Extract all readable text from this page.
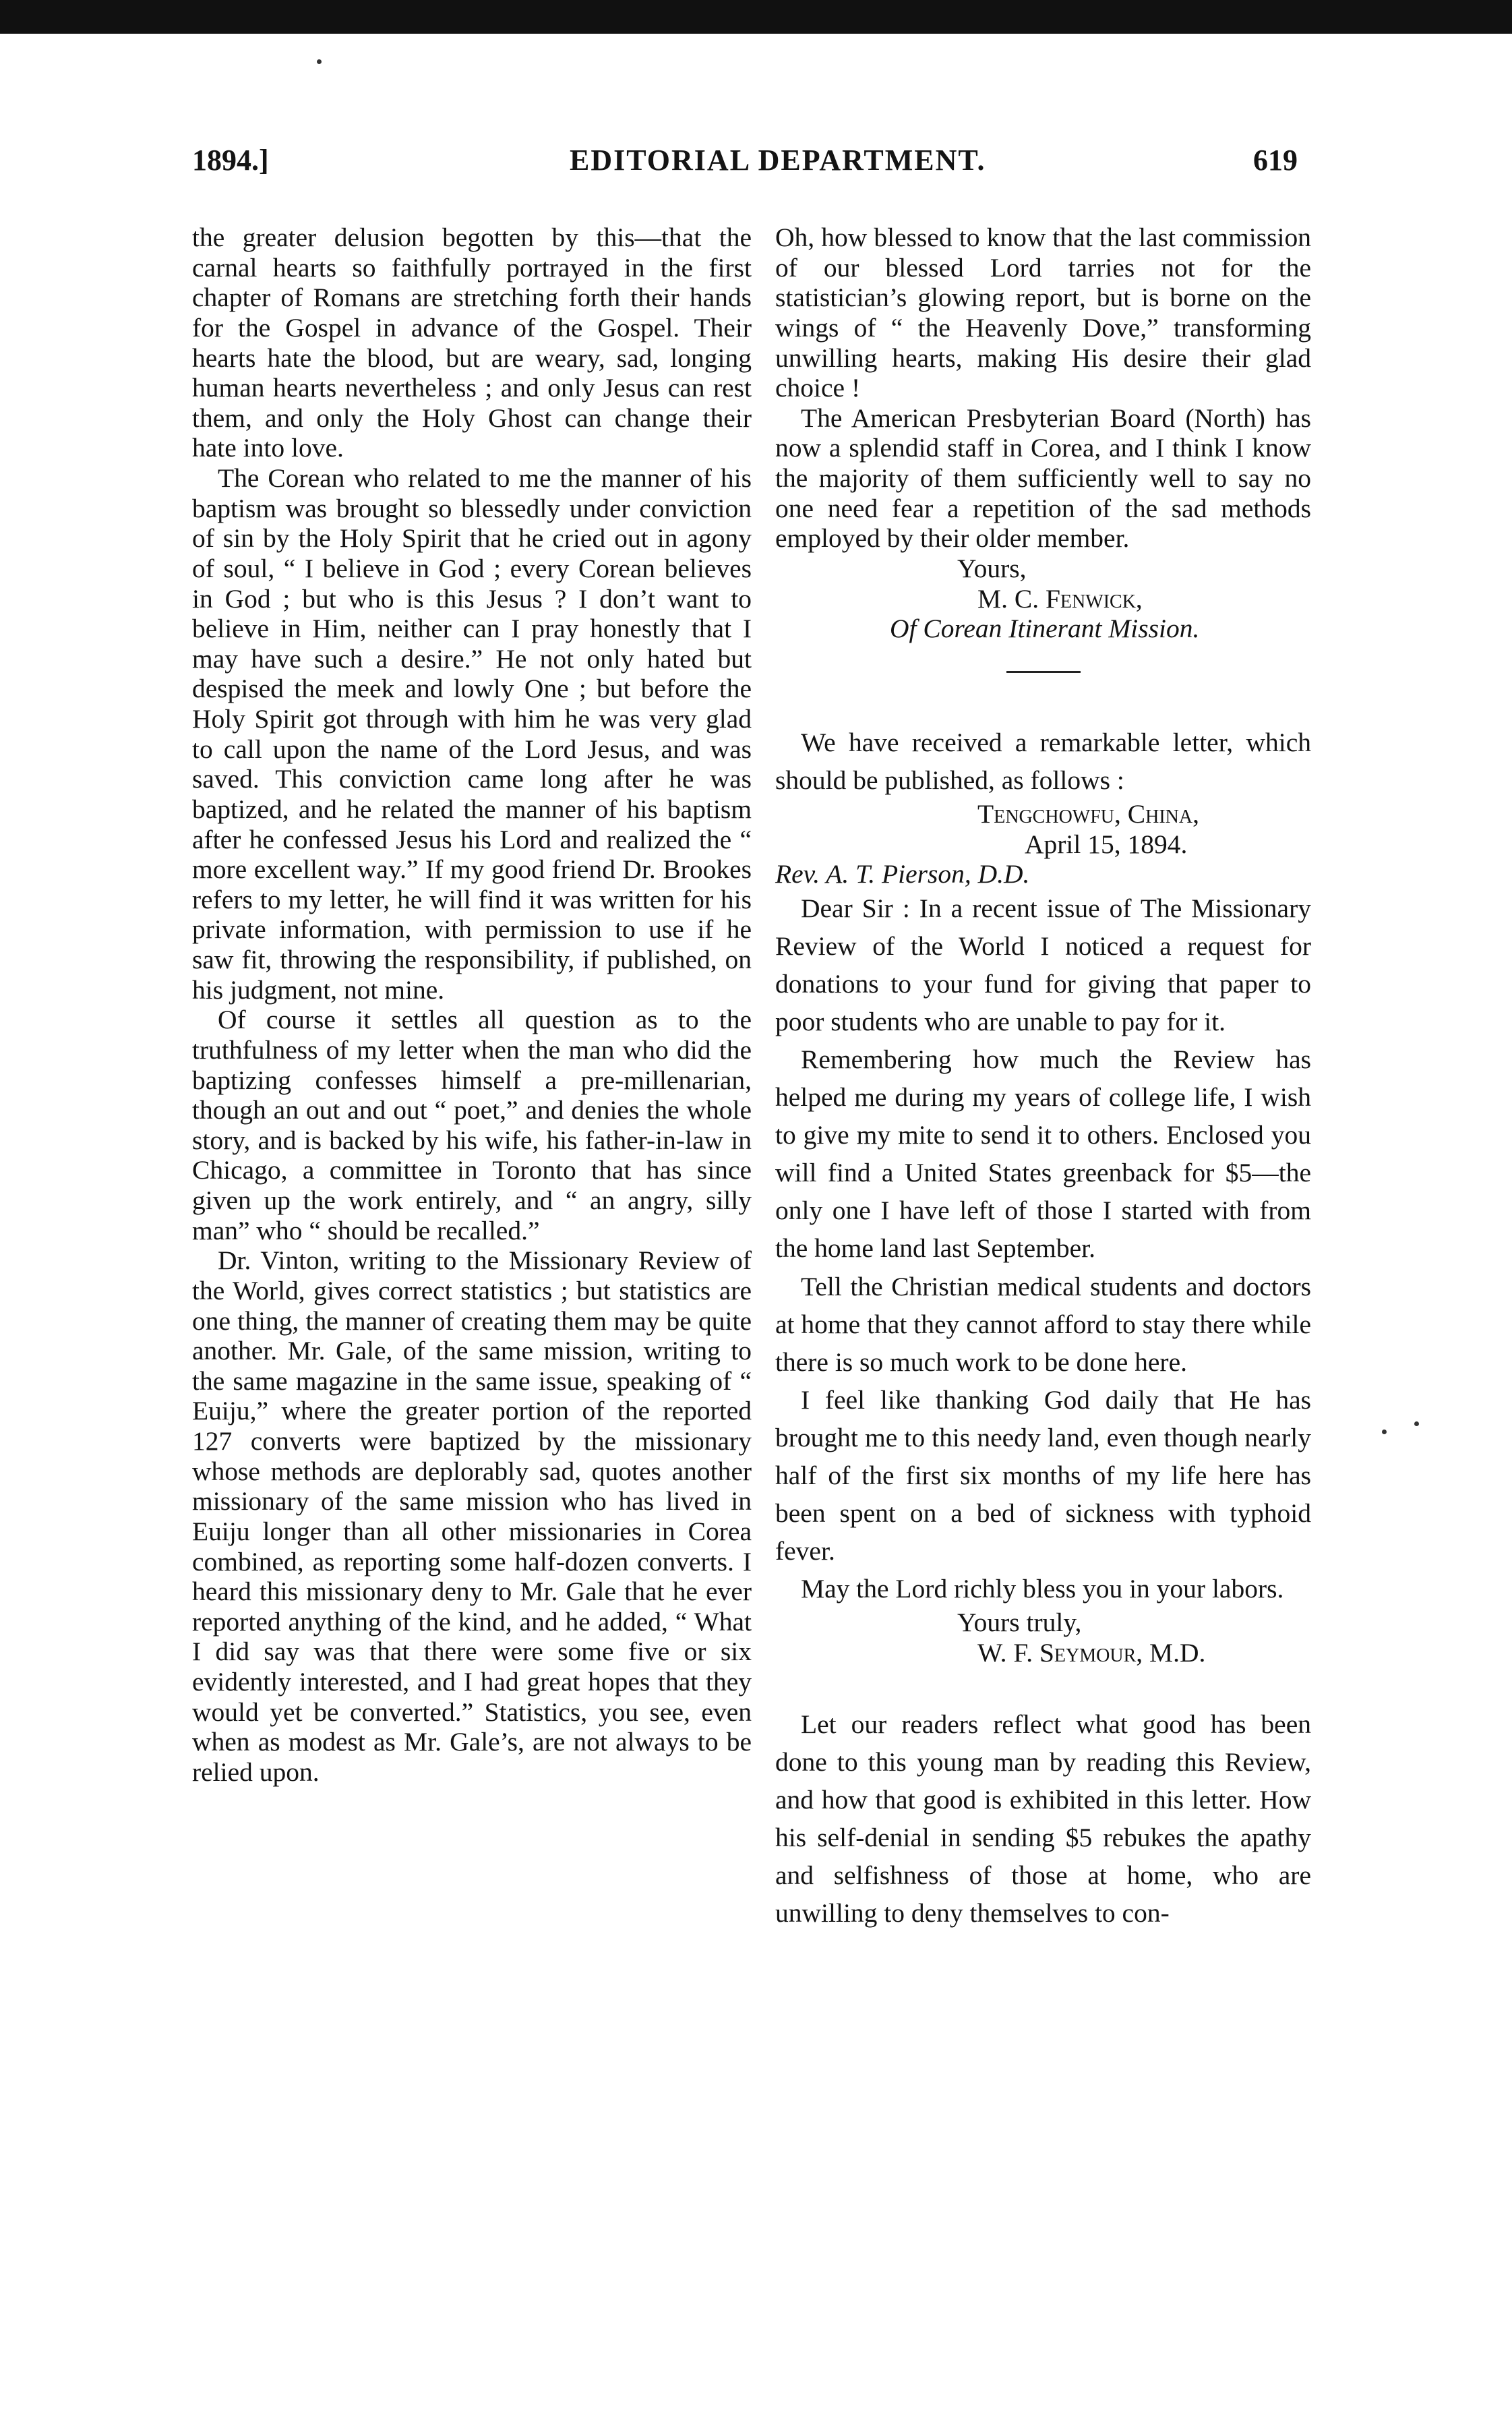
1894.]	EDITORIAL DEPARTMENT.	619

the greater delusion begotten by this—that the carnal hearts so faithfully portrayed in the first chapter of Romans are stretching forth their hands for the Gospel in advance of the Gospel. Their hearts hate the blood, but are weary, sad, longing human hearts nevertheless ; and only Jesus can rest them, and only the Holy Ghost can change their hate into love.

The Corean who related to me the manner of his baptism was brought so blessedly under conviction of sin by the Holy Spirit that he cried out in agony of soul, “ I believe in God ; every Corean believes in God ; but who is this Jesus ? I don’t want to believe in Him, neither can I pray honestly that I may have such a desire.” He not only hated but despised the meek and lowly One ; but before the Holy Spirit got through with him he was very glad to call upon the name of the Lord Jesus, and was saved. This conviction came long after he was baptized, and he related the manner of his baptism after he confessed Jesus his Lord and realized the “ more excellent way.” If my good friend Dr. Brookes refers to my letter, he will find it was written for his private information, with permission to use if he saw fit, throwing the responsibility, if published, on his judgment, not mine.

Of course it settles all question as to the truthfulness of my letter when the man who did the baptizing confesses himself a pre-millenarian, though an out and out “ poet,” and denies the whole story, and is backed by his wife, his father-in-law in Chicago, a committee in Toronto that has since given up the work entirely, and “ an angry, silly man” who “ should be recalled.”

Dr. Vinton, writing to the Missionary Review of the World, gives correct statistics ; but statistics are one thing, the manner of creating them may be quite another. Mr. Gale, of the same mission, writing to the same magazine in the same issue, speaking of “ Euiju,” where the greater portion of the reported 127 converts were baptized by the missionary whose methods are deplorably sad, quotes another missionary of the same mission who has lived in Euiju longer than all other missionaries in Corea combined, as reporting some half-dozen converts. I heard this missionary deny to Mr. Gale that he ever reported anything of the kind, and he added, “ What I did say was that there were some five or six evidently interested, and I had great hopes that they would yet be converted.” Statistics, you see, even when as modest as Mr. Gale’s, are not always to be relied upon.

Oh, how blessed to know that the last commission of our blessed Lord tarries not for the statistician’s glowing report, but is borne on the wings of “ the Heavenly Dove,” transforming unwilling hearts, making His desire their glad choice !

The American Presbyterian Board (North) has now a splendid staff in Corea, and I think I know the majority of them sufficiently well to say no one need fear a repetition of the sad methods employed by their older member.

Yours,
M. C. Fenwick,
Of Corean Itinerant Mission.

We have received a remarkable letter, which should be published, as follows :

Tengchowfu, China,
April 15, 1894.
Rev. A. T. Pierson, D.D.

Dear Sir : In a recent issue of The Missionary Review of the World I noticed a request for donations to your fund for giving that paper to poor students who are unable to pay for it.

Remembering how much the Review has helped me during my years of college life, I wish to give my mite to send it to others. Enclosed you will find a United States greenback for $5—the only one I have left of those I started with from the home land last September.

Tell the Christian medical students and doctors at home that they cannot afford to stay there while there is so much work to be done here.

I feel like thanking God daily that He has brought me to this needy land, even though nearly half of the first six months of my life here has been spent on a bed of sickness with typhoid fever.

May the Lord richly bless you in your labors.

Yours truly,
W. F. Seymour, M.D.

Let our readers reflect what good has been done to this young man by reading this Review, and how that good is exhibited in this letter. How his self-denial in sending $5 rebukes the apathy and selfishness of those at home, who are unwilling to deny themselves to con-
